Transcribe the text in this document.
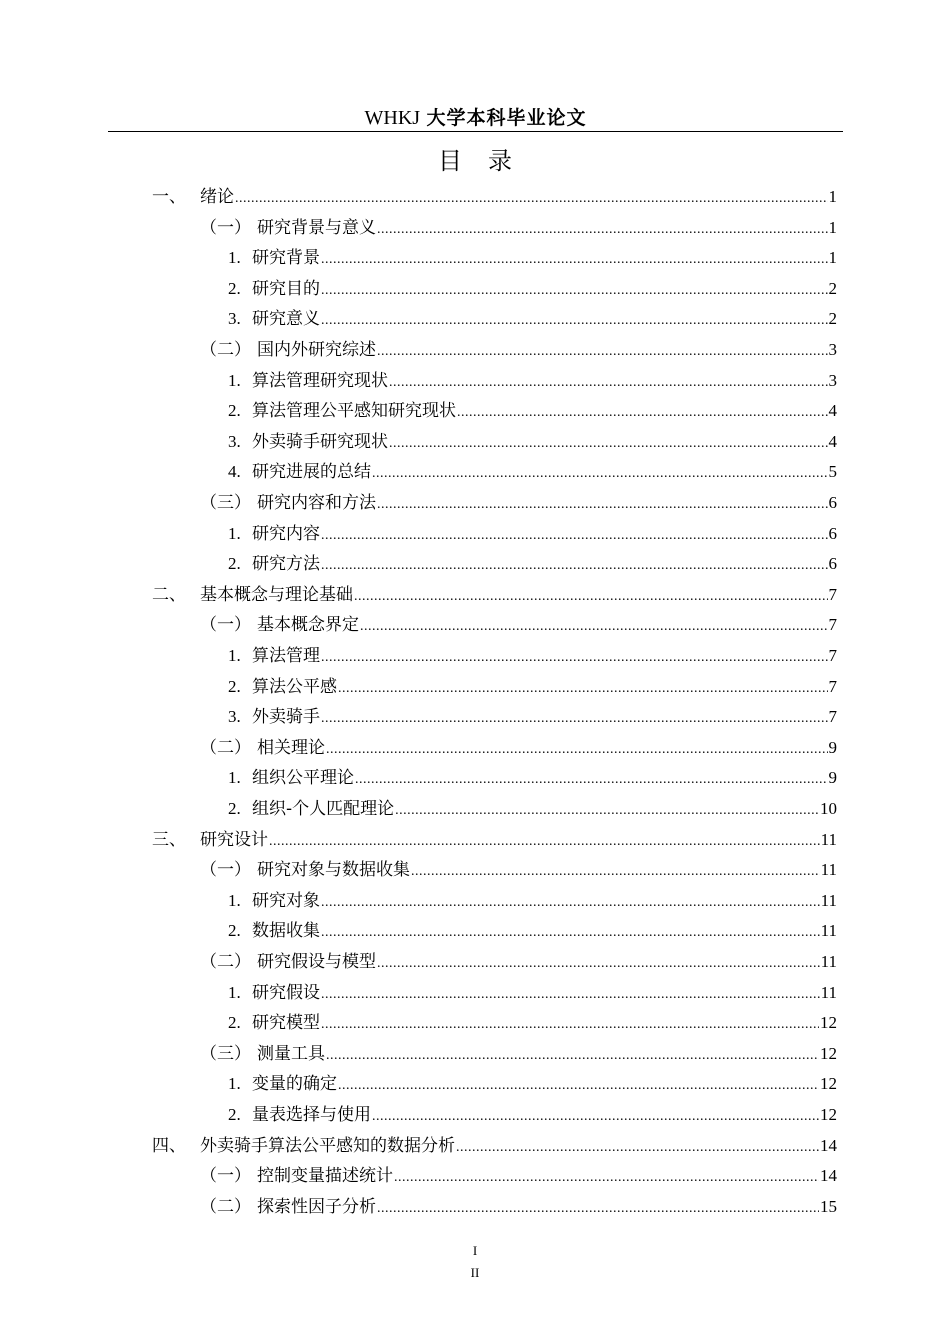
WHKJ 大学本科毕业论文
目录
一、 绪论 .....	1
（一） 研究背景与意义 .....	1
1. 研究背景 .....	1
2. 研究目的 .....	2
3. 研究意义 .....	2
（二） 国内外研究综述 .....	3
1. 算法管理研究现状 .....	3
2. 算法管理公平感知研究现状 .....	4
3. 外卖骑手研究现状 .....	4
4. 研究进展的总结 .....	5
（三） 研究内容和方法 .....	6
1. 研究内容 .....	6
2. 研究方法 .....	6
二、 基本概念与理论基础 .....	7
（一） 基本概念界定 .....	7
1. 算法管理 .....	7
2. 算法公平感 .....	7
3. 外卖骑手 .....	7
（二） 相关理论 .....	9
1. 组织公平理论 .....	9
2. 组织-个人匹配理论 .....	10
三、 研究设计 .....	11
（一） 研究对象与数据收集 .....	11
1. 研究对象 .....	11
2. 数据收集 .....	11
（二） 研究假设与模型 .....	11
1. 研究假设 .....	11
2. 研究模型 .....	12
（三） 测量工具 .....	12
1. 变量的确定 .....	12
2. 量表选择与使用 .....	12
四、 外卖骑手算法公平感知的数据分析 .....	14
（一） 控制变量描述统计 .....	14
（二） 探索性因子分析 .....	15
I
II
